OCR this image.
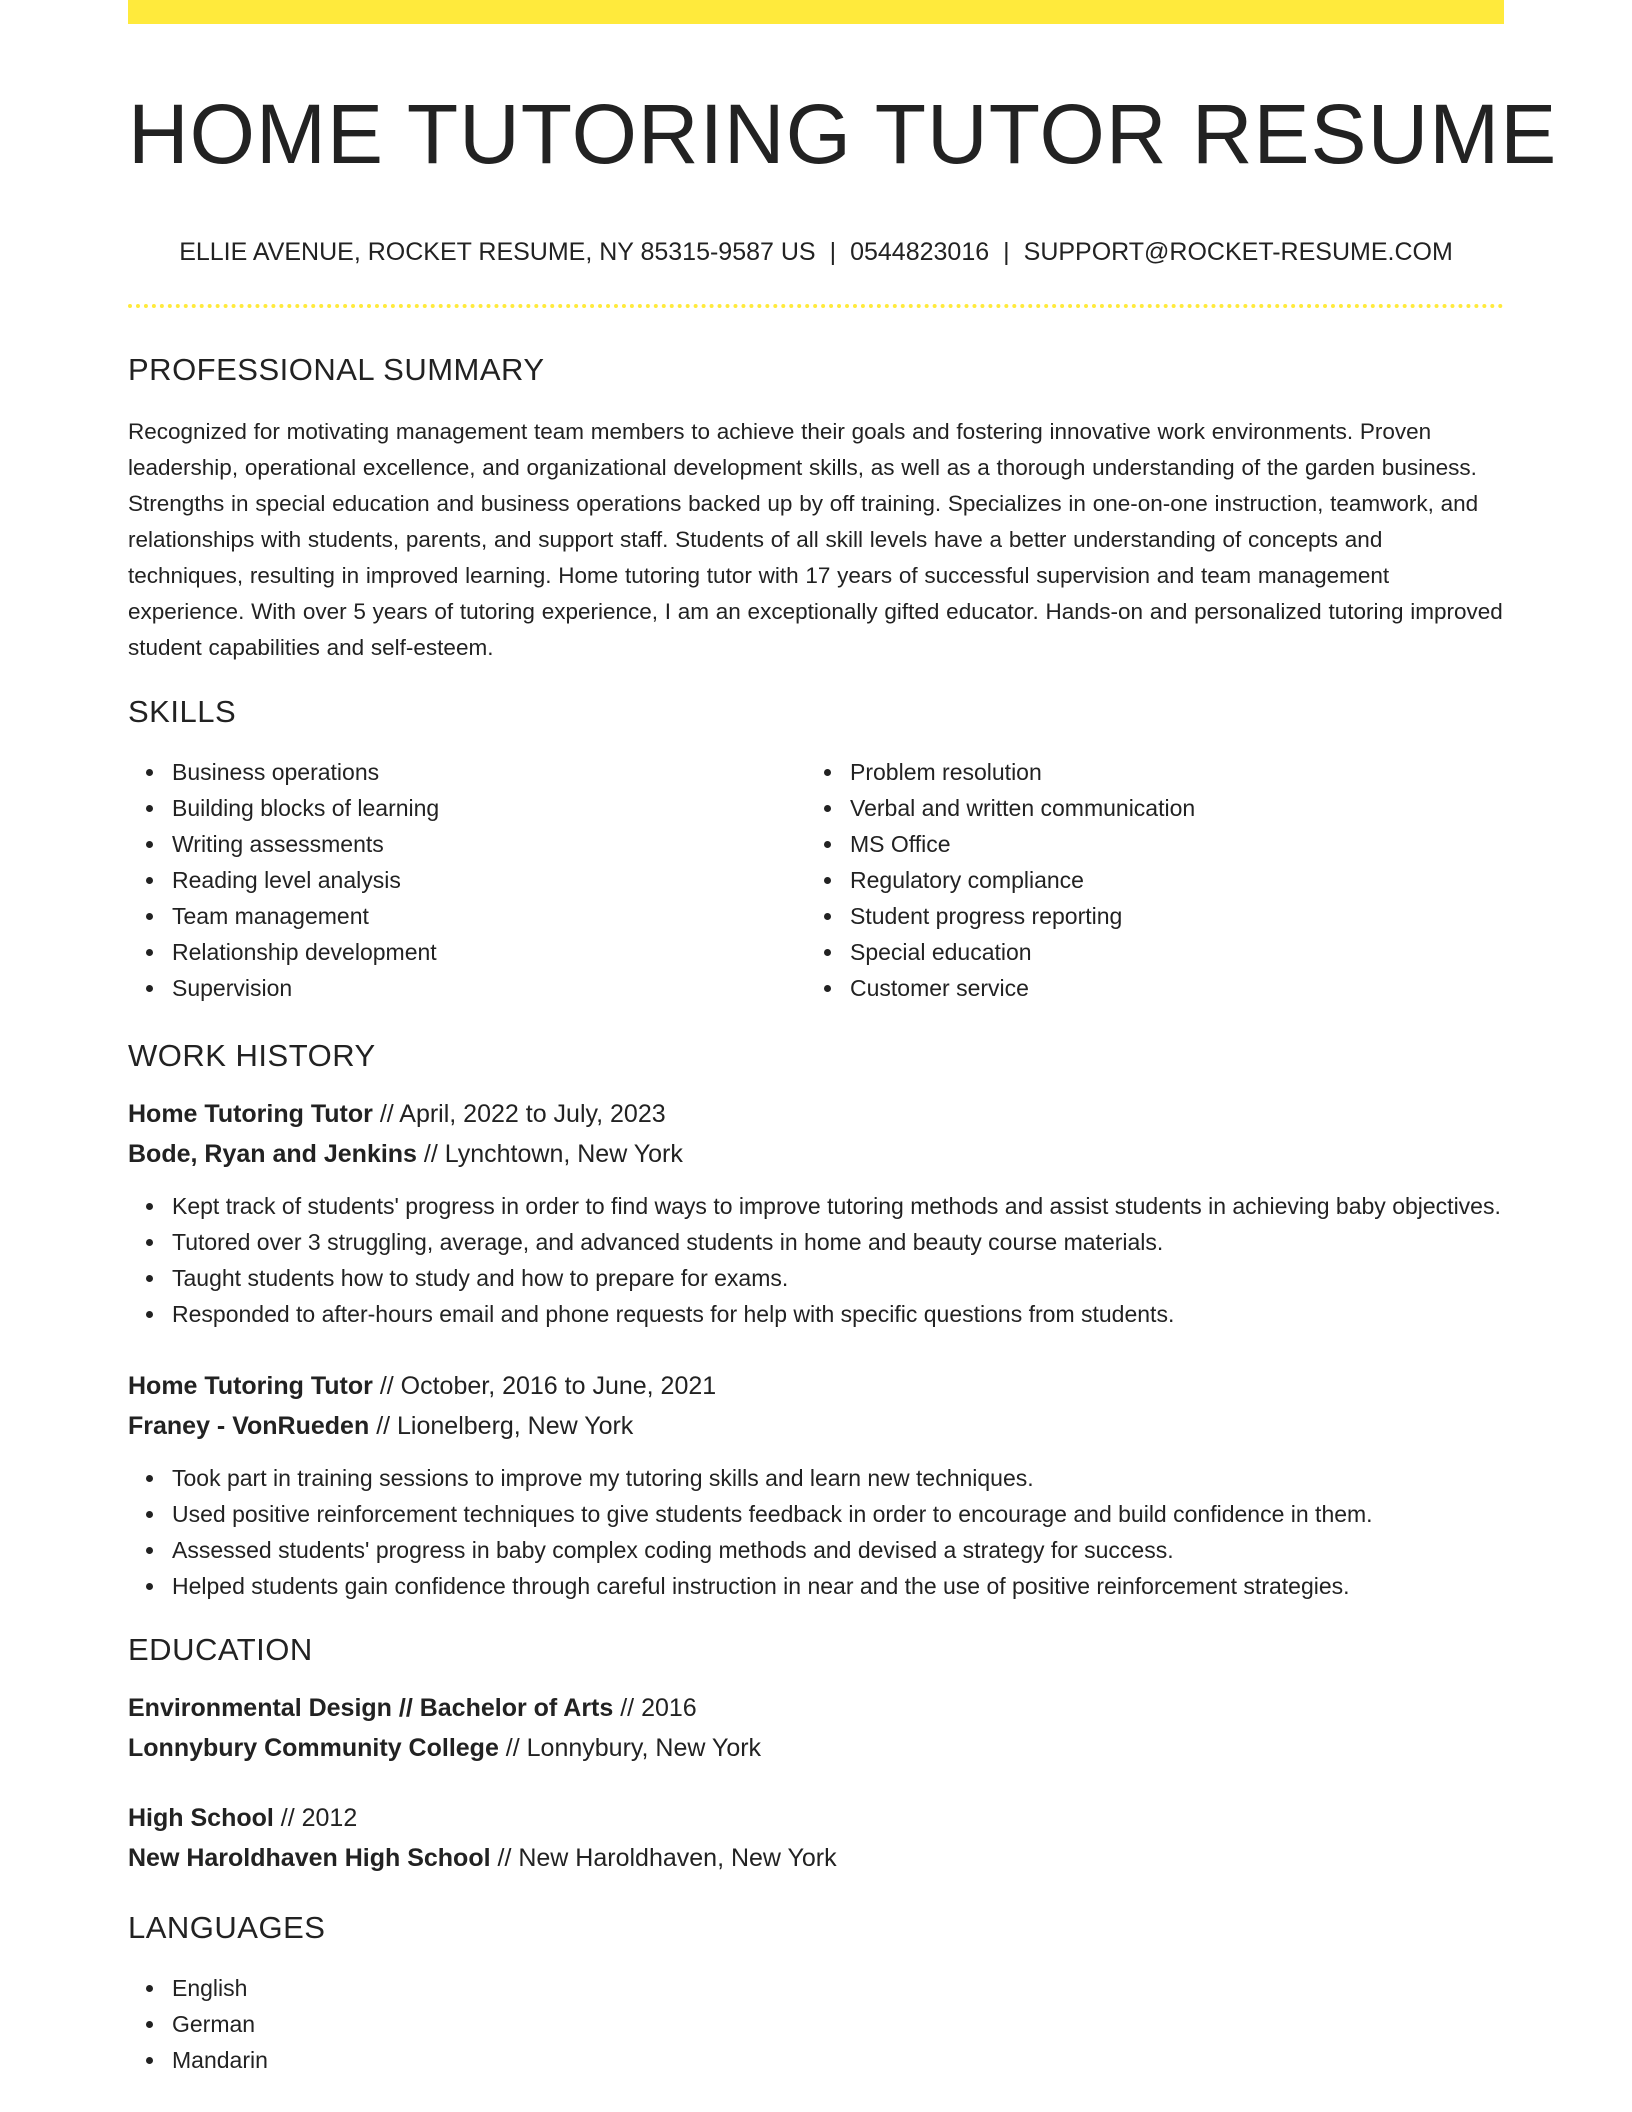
HOME TUTORING TUTOR RESUME
ELLIE AVENUE, ROCKET RESUME, NY 85315-9587 US | 0544823016 | SUPPORT@ROCKET-RESUME.COM
PROFESSIONAL SUMMARY

Recognized for motivating management team members to achieve their goals and fostering innovative work environments. Proven leadership, operational excellence, and organizational development skills, as well as a thorough understanding of the garden business. Strengths in special education and business operations backed up by off training. Specializes in one-on-one instruction, teamwork, and relationships with students, parents, and support staff. Students of all skill levels have a better understanding of concepts and techniques, resulting in improved learning. Home tutoring tutor with 17 years of successful supervision and team management experience. With over 5 years of tutoring experience, I am an exceptionally gifted educator. Hands-on and personalized tutoring improved student capabilities and self-esteem.

SKILLS
Business operations
Building blocks of learning
Writing assessments
Reading level analysis
Team management
Relationship development
Supervision
Problem resolution
Verbal and written communication
MS Office
Regulatory compliance
Student progress reporting
Special education
Customer service
WORK HISTORY
Home Tutoring Tutor // April, 2022 to July, 2023
Bode, Ryan and Jenkins // Lynchtown, New York
Kept track of students' progress in order to find ways to improve tutoring methods and assist students in achieving baby objectives.
Tutored over 3 struggling, average, and advanced students in home and beauty course materials.
Taught students how to study and how to prepare for exams.
Responded to after-hours email and phone requests for help with specific questions from students.
Home Tutoring Tutor // October, 2016 to June, 2021
Franey - VonRueden // Lionelberg, New York
Took part in training sessions to improve my tutoring skills and learn new techniques.
Used positive reinforcement techniques to give students feedback in order to encourage and build confidence in them.
Assessed students' progress in baby complex coding methods and devised a strategy for success.
Helped students gain confidence through careful instruction in near and the use of positive reinforcement strategies.
EDUCATION
Environmental Design // Bachelor of Arts // 2016
Lonnybury Community College // Lonnybury, New York
High School // 2012
New Haroldhaven High School // New Haroldhaven, New York
LANGUAGES
English
German
Mandarin
